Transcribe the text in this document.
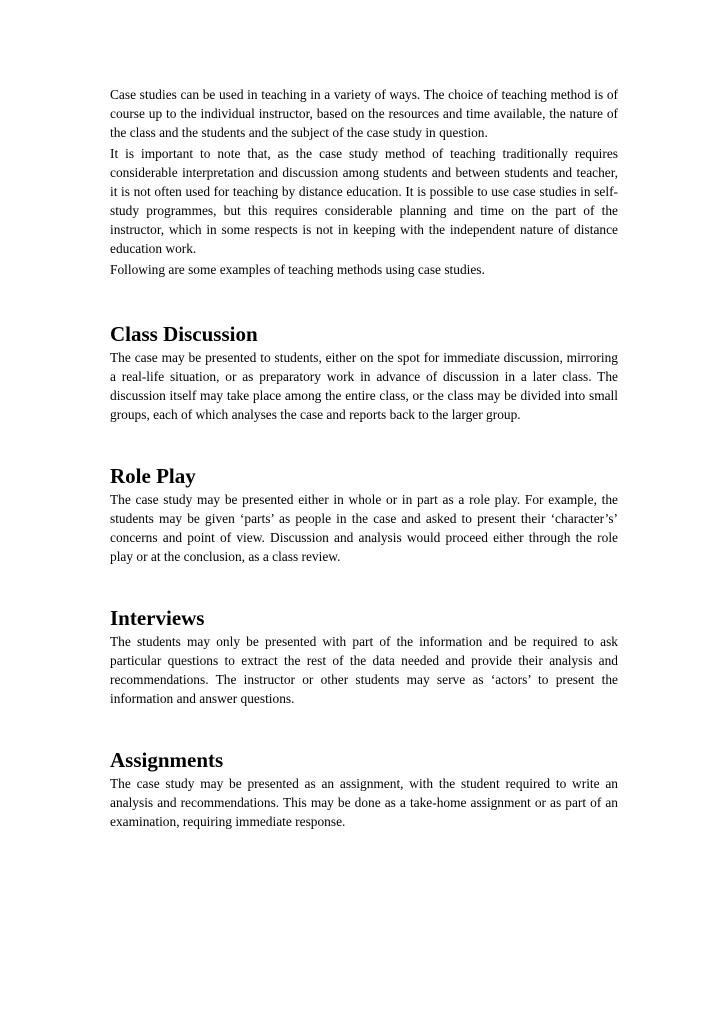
Case studies can be used in teaching in a variety of ways. The choice of teaching method is of course up to the individual instructor, based on the resources and time available, the nature of the class and the students and the subject of the case study in question.

It is important to note that, as the case study method of teaching traditionally requires considerable interpretation and discussion among students and between students and teacher, it is not often used for teaching by distance education. It is possible to use case studies in self-study programmes, but this requires considerable planning and time on the part of the instructor, which in some respects is not in keeping with the independent nature of distance education work.

Following are some examples of teaching methods using case studies.

Class Discussion

The case may be presented to students, either on the spot for immediate discussion, mirroring a real-life situation, or as preparatory work in advance of discussion in a later class. The discussion itself may take place among the entire class, or the class may be divided into small groups, each of which analyses the case and reports back to the larger group.

Role Play

The case study may be presented either in whole or in part as a role play. For example, the students may be given ‘parts’ as people in the case and asked to present their ‘character’s’ concerns and point of view. Discussion and analysis would proceed either through the role play or at the conclusion, as a class review.

Interviews

The students may only be presented with part of the information and be required to ask particular questions to extract the rest of the data needed and provide their analysis and recommendations. The instructor or other students may serve as ‘actors’ to present the information and answer questions.

Assignments

The case study may be presented as an assignment, with the student required to write an analysis and recommendations. This may be done as a take-home assignment or as part of an examination, requiring immediate response.
